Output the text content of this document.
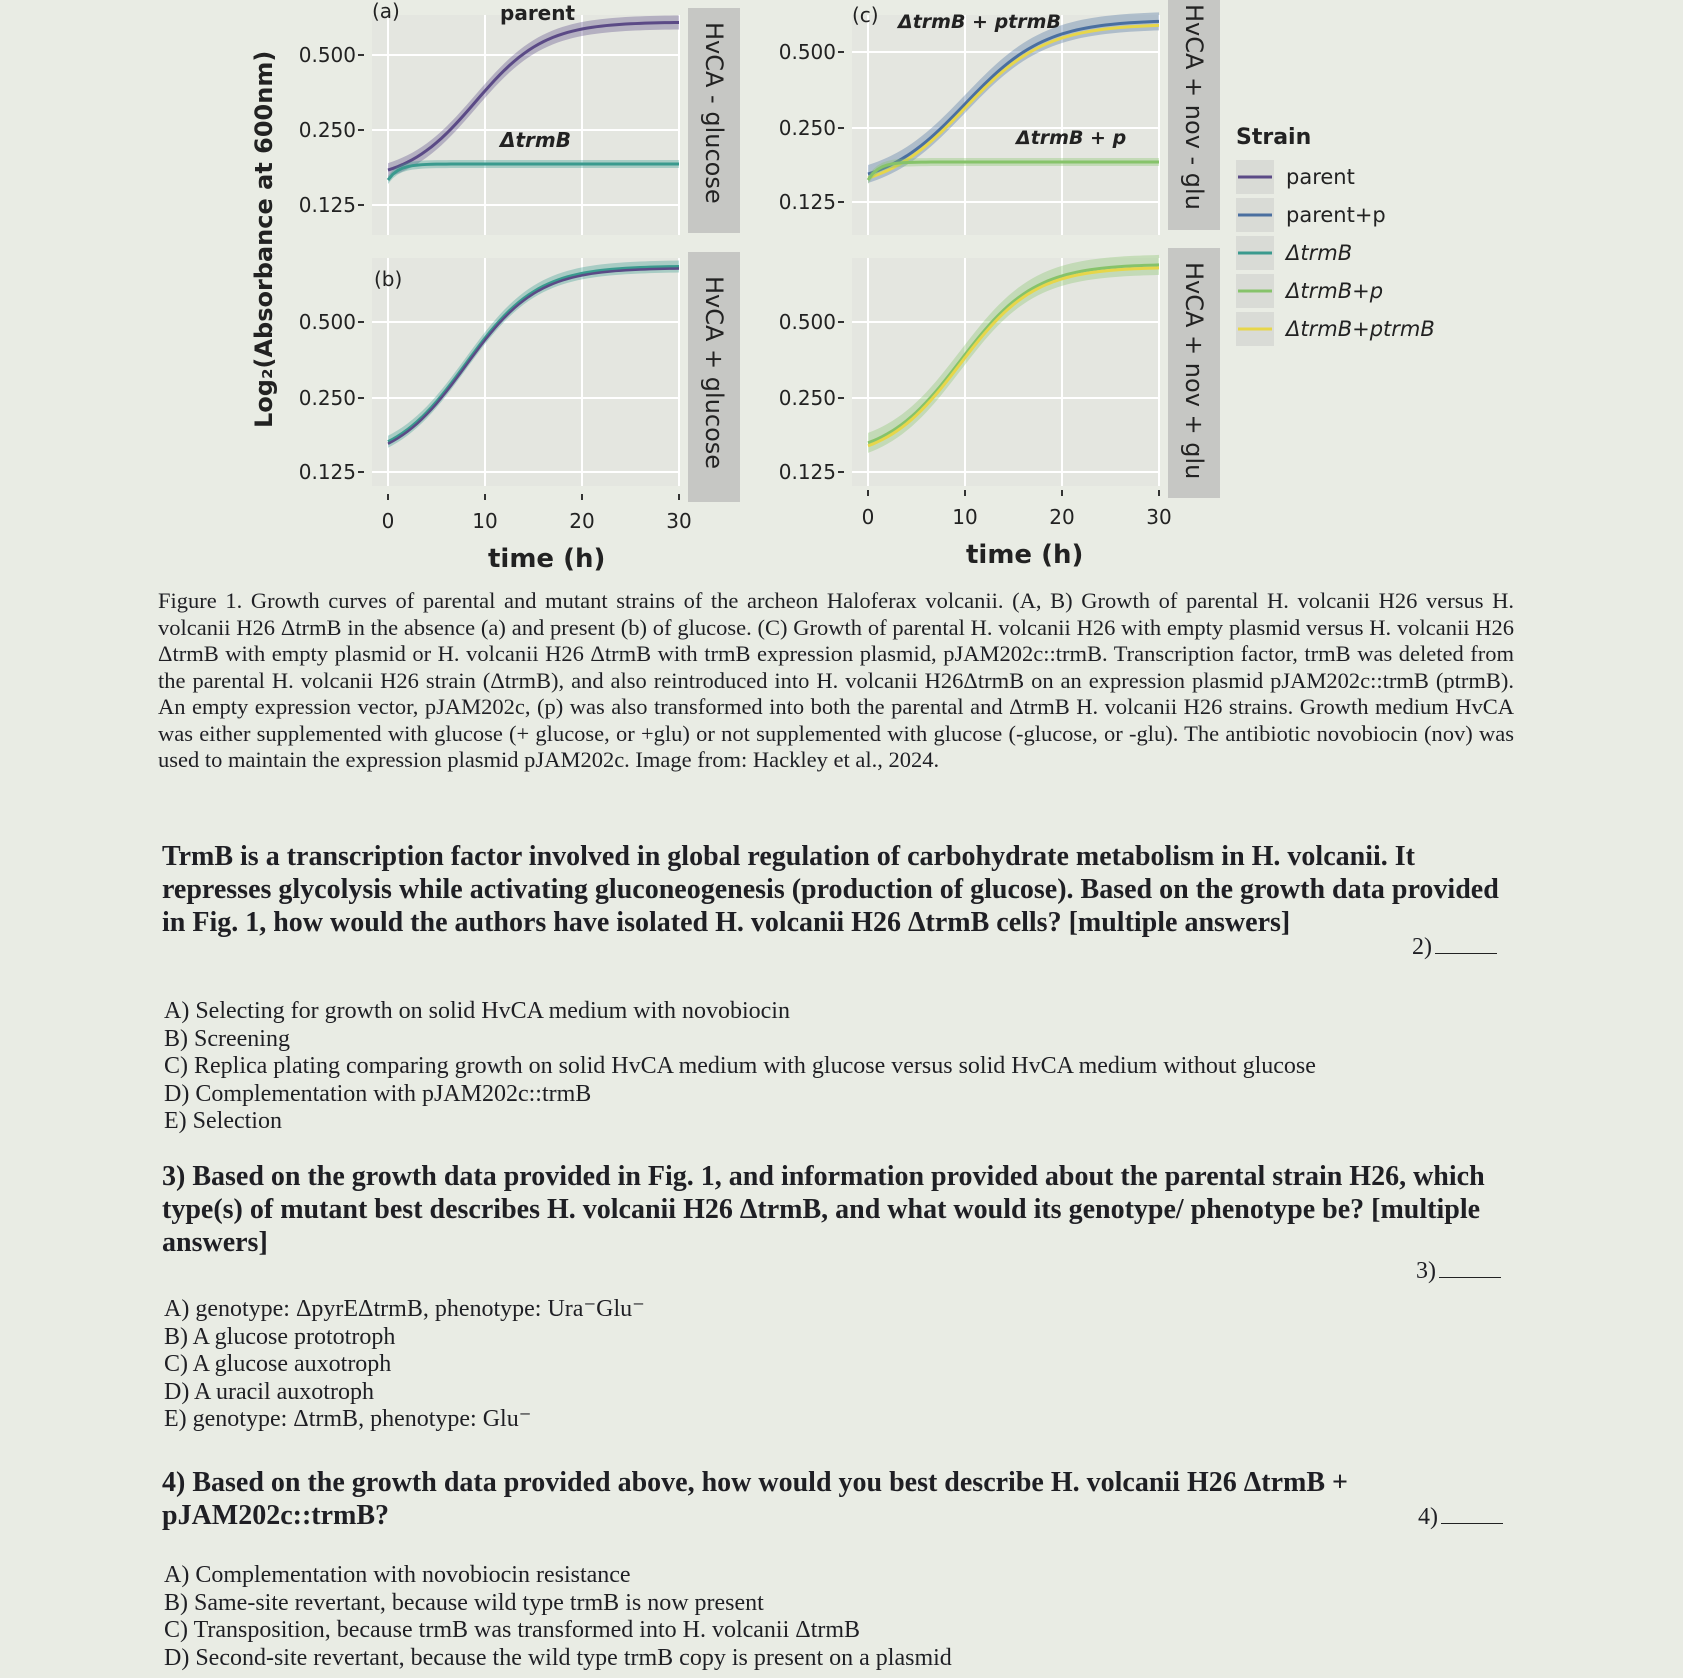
HvCA - glucose
HvCA + glucose
HvCA + nov - glu
HvCA + nov + glu
Log₂(Absorbance at 600nm)
(a)
(b)
(c)
parent
ΔtrmB
ΔtrmB + ptrmB
ΔtrmB + p
0.500
0.250
0.125
0.500
0.250
0.125
0.500
0.250
0.125
0.500
0.250
0.125
0	10	20	30	0	10	20	30
time (h)	time (h)
Strain
parent
parent+p
ΔtrmB
ΔtrmB+p
ΔtrmB+ptrmB
Figure 1. Growth curves of parental and mutant strains of the archeon Haloferax volcanii. (A, B) Growth of parental H. volcanii H26 versus H. volcanii H26 ΔtrmB in the absence (a) and present (b) of glucose. (C) Growth of parental H. volcanii H26 with empty plasmid versus H. volcanii H26 ΔtrmB with empty plasmid or H. volcanii H26 ΔtrmB with trmB expression plasmid, pJAM202c::trmB. Transcription factor, trmB was deleted from the parental H. volcanii H26 strain (ΔtrmB), and also reintroduced into H. volcanii H26ΔtrmB on an expression plasmid pJAM202c::trmB (ptrmB). An empty expression vector, pJAM202c, (p) was also transformed into both the parental and ΔtrmB H. volcanii H26 strains. Growth medium HvCA was either supplemented with glucose (+ glucose, or +glu) or not supplemented with glucose (-glucose, or -glu). The antibiotic novobiocin (nov) was used to maintain the expression plasmid pJAM202c. Image from: Hackley et al., 2024.
TrmB is a transcription factor involved in global regulation of carbohydrate metabolism in H. volcanii. It represses glycolysis while activating gluconeogenesis (production of glucose). Based on the growth data provided in Fig. 1, how would the authors have isolated H. volcanii H26 ΔtrmB cells? [multiple answers]
2)
A) Selecting for growth on solid HvCA medium with novobiocin
B) Screening
C) Replica plating comparing growth on solid HvCA medium with glucose versus solid HvCA medium without glucose
D) Complementation with pJAM202c::trmB
E) Selection
3) Based on the growth data provided in Fig. 1, and information provided about the parental strain H26, which type(s) of mutant best describes H. volcanii H26 ΔtrmB, and what would its genotype/ phenotype be? [multiple answers]
3)
A) genotype: ΔpyrEΔtrmB, phenotype: Ura⁻Glu⁻
B) A glucose prototroph
C) A glucose auxotroph
D) A uracil auxotroph
E) genotype: ΔtrmB, phenotype: Glu⁻
4) Based on the growth data provided above, how would you best describe H. volcanii H26 ΔtrmB + pJAM202c::trmB?	4)
A) Complementation with novobiocin resistance
B) Same-site revertant, because wild type trmB is now present
C) Transposition, because trmB was transformed into H. volcanii ΔtrmB
D) Second-site revertant, because the wild type trmB copy is present on a plasmid
